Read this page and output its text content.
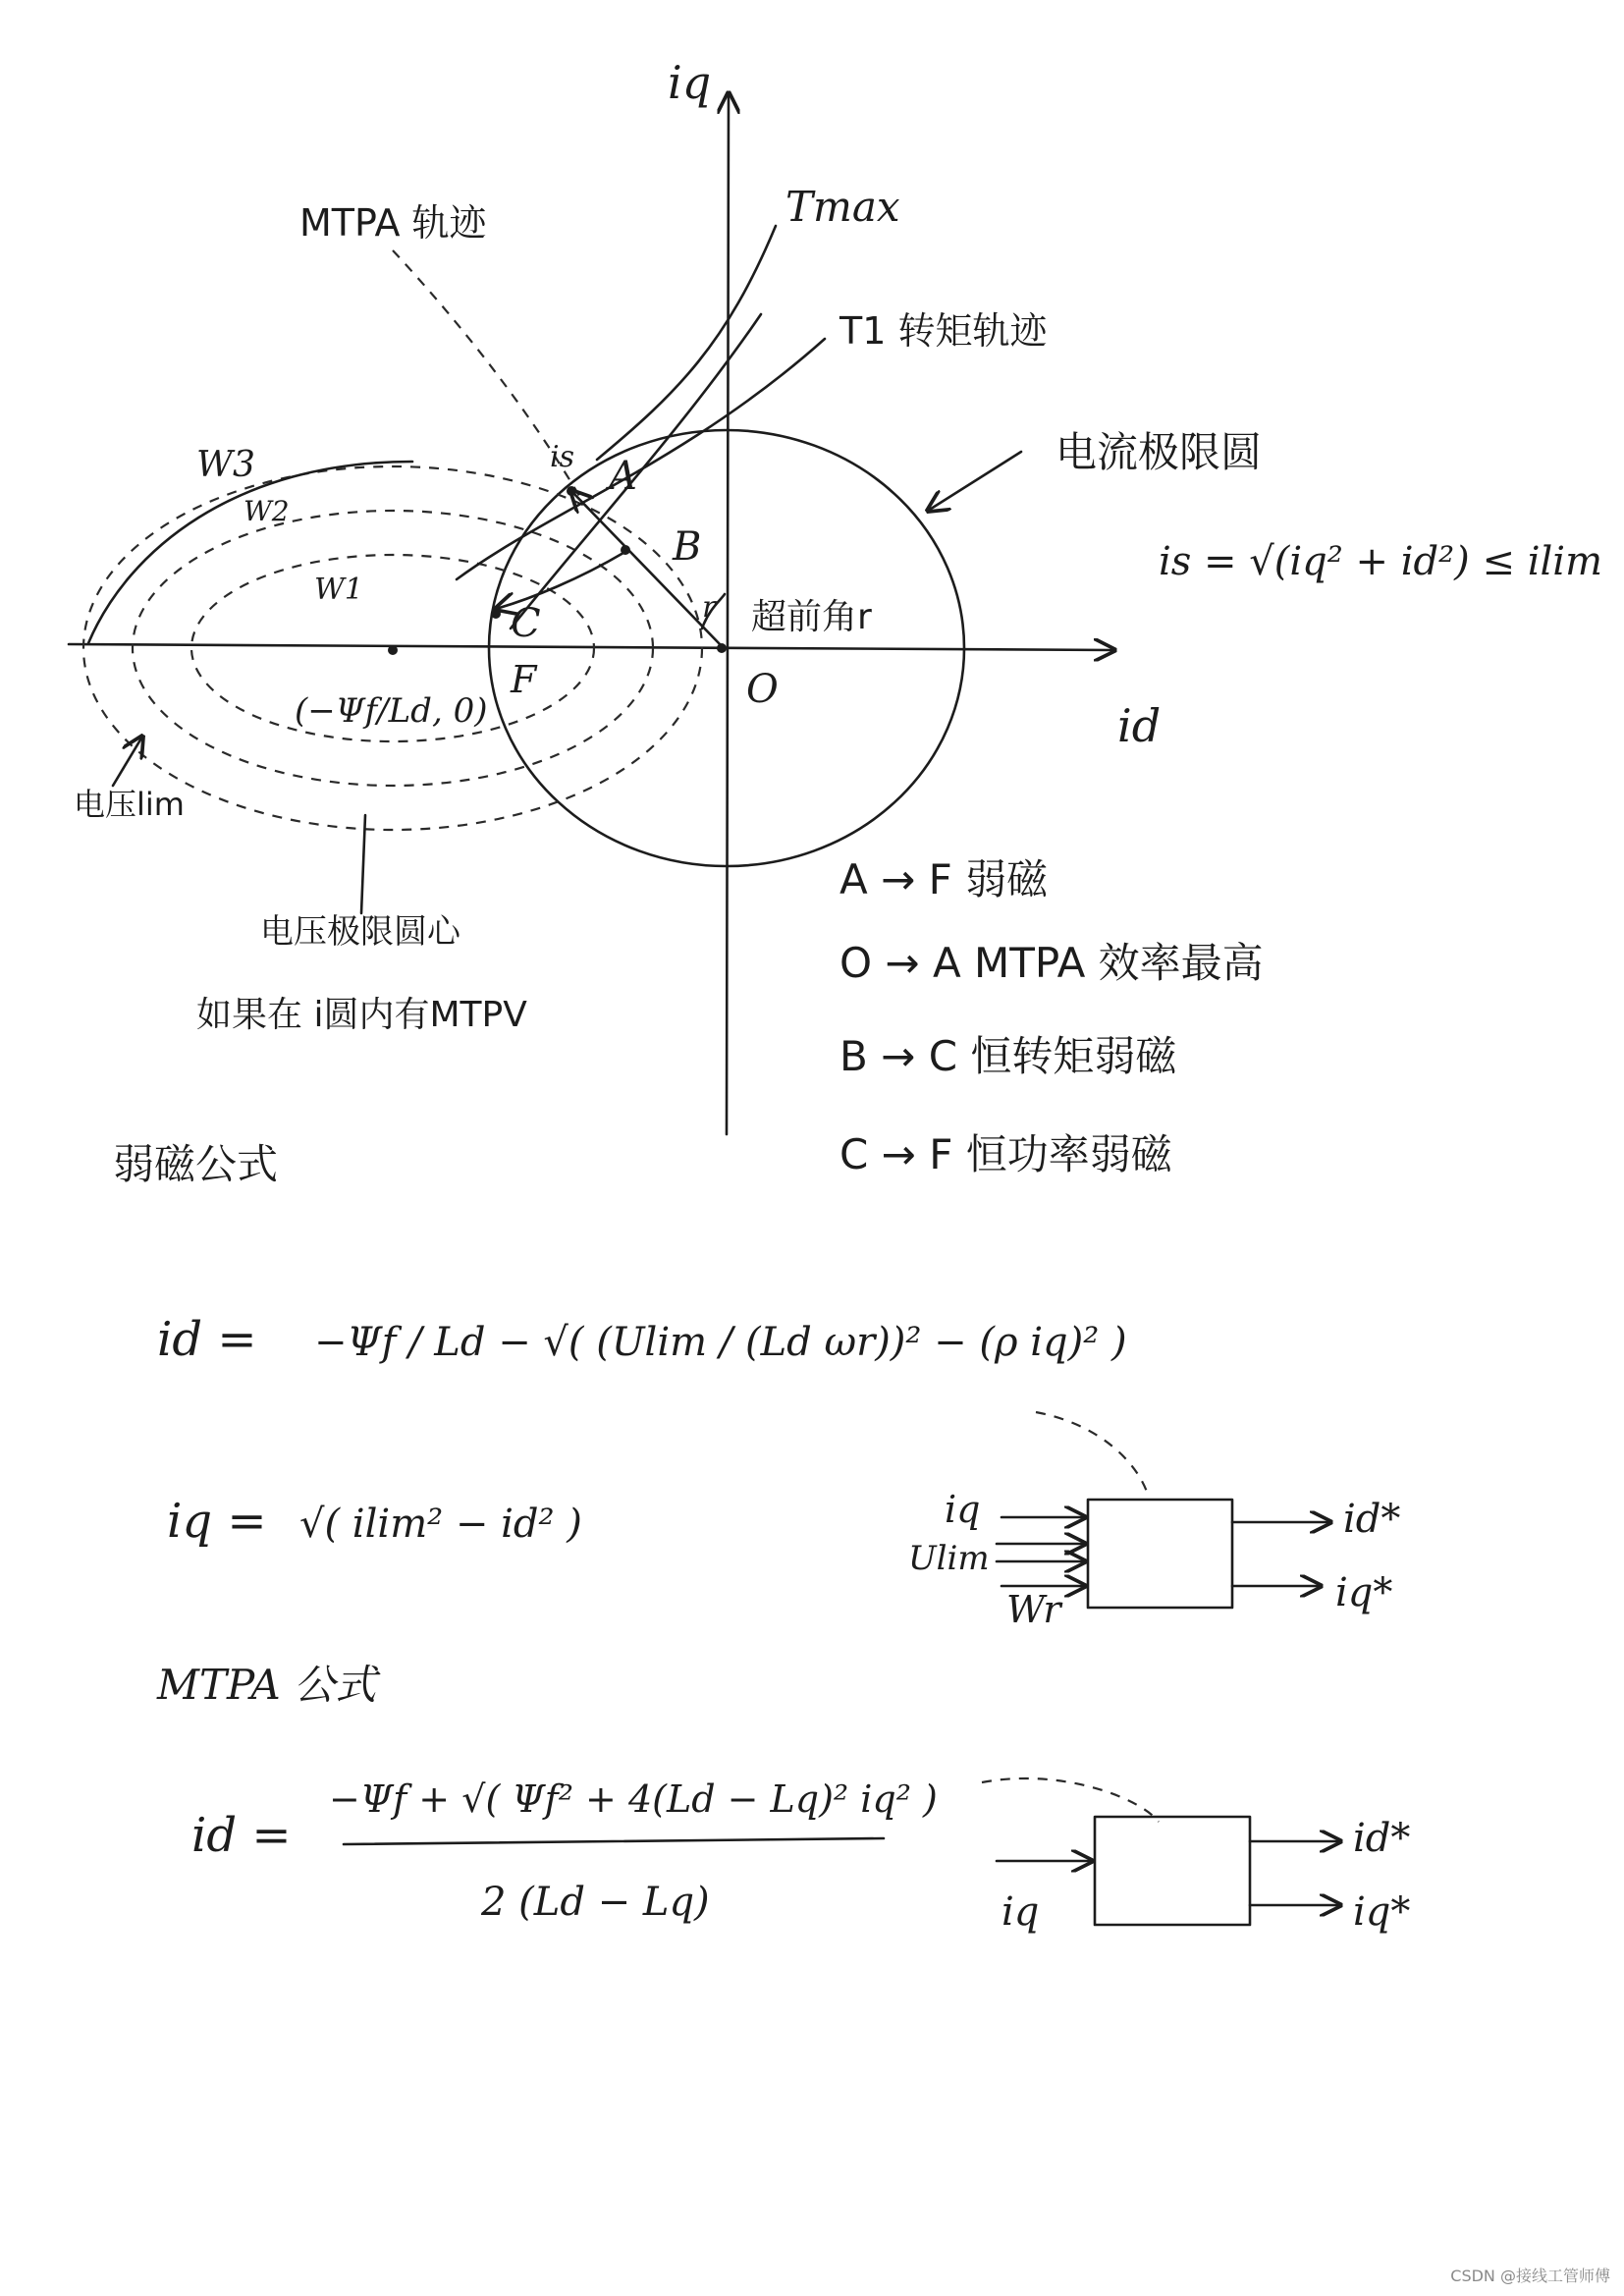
iq
id
电流极限圆
is = √(iq² + id²) ≤ ilim
W3
W2
W1
(−Ψf/Ld, 0)
电压极限圆心
电压lim
如果在 i圆内有MTPV
MTPA 轨迹	Tmax
T1 转矩轨迹
is A
B
C
F	O
r 超前角r
A → F 弱磁
O → A MTPA 效率最高
B → C 恒转矩弱磁
C → F 恒功率弱磁
弱磁公式
id = −Ψf / Ld − √( (Ulim / (Ld ωr))² − (ρ iq)² )
iq = √( ilim² − id² )	iq
Ulim
Wr
id*
iq*
MTPA 公式
id =
−Ψf + √( Ψf² + 4(Ld − Lq)² iq² )
2 (Ld − Lq)	iq
id*
iq*
CSDN @接线工管师傅
